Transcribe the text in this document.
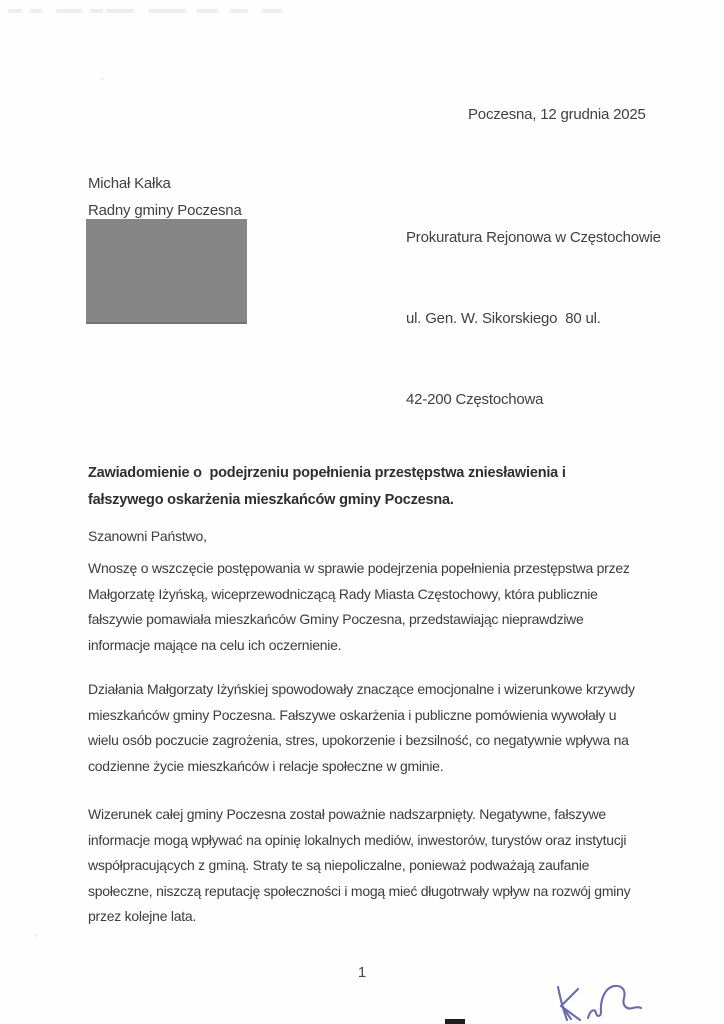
Poczesna, 12 grudnia 2025
Michał Kałka
Radny gminy Poczesna

Prokuratura Rejonowa w Częstochowie

ul. Gen. W. Sikorskiego  80 ul.

42-200 Częstochowa

Zawiadomienie o  podejrzeniu popełnienia przestępstwa zniesławienia i fałszywego oskarżenia mieszkańców gminy Poczesna.
Szanowni Państwo,
Wnoszę o wszczęcie postępowania w sprawie podejrzenia popełnienia przestępstwa przez Małgorzatę Iżyńską, wiceprzewodniczącą Rady Miasta Częstochowy, która publicznie fałszywie pomawiała mieszkańców Gminy Poczesna, przedstawiając nieprawdziwe informacje mające na celu ich oczernienie.
Działania Małgorzaty Iżyńskiej spowodowały znaczące emocjonalne i wizerunkowe krzywdy mieszkańców gminy Poczesna. Fałszywe oskarżenia i publiczne pomówienia wywołały u wielu osób poczucie zagrożenia, stres, upokorzenie i bezsilność, co negatywnie wpływa na codzienne życie mieszkańców i relacje społeczne w gminie.
Wizerunek całej gminy Poczesna został poważnie nadszarpnięty. Negatywne, fałszywe informacje mogą wpływać na opinię lokalnych mediów, inwestorów, turystów oraz instytucji współpracujących z gminą. Straty te są niepoliczalne, ponieważ podważają zaufanie społeczne, niszczą reputację społeczności i mogą mieć długotrwały wpływ na rozwój gminy przez kolejne lata.
1
